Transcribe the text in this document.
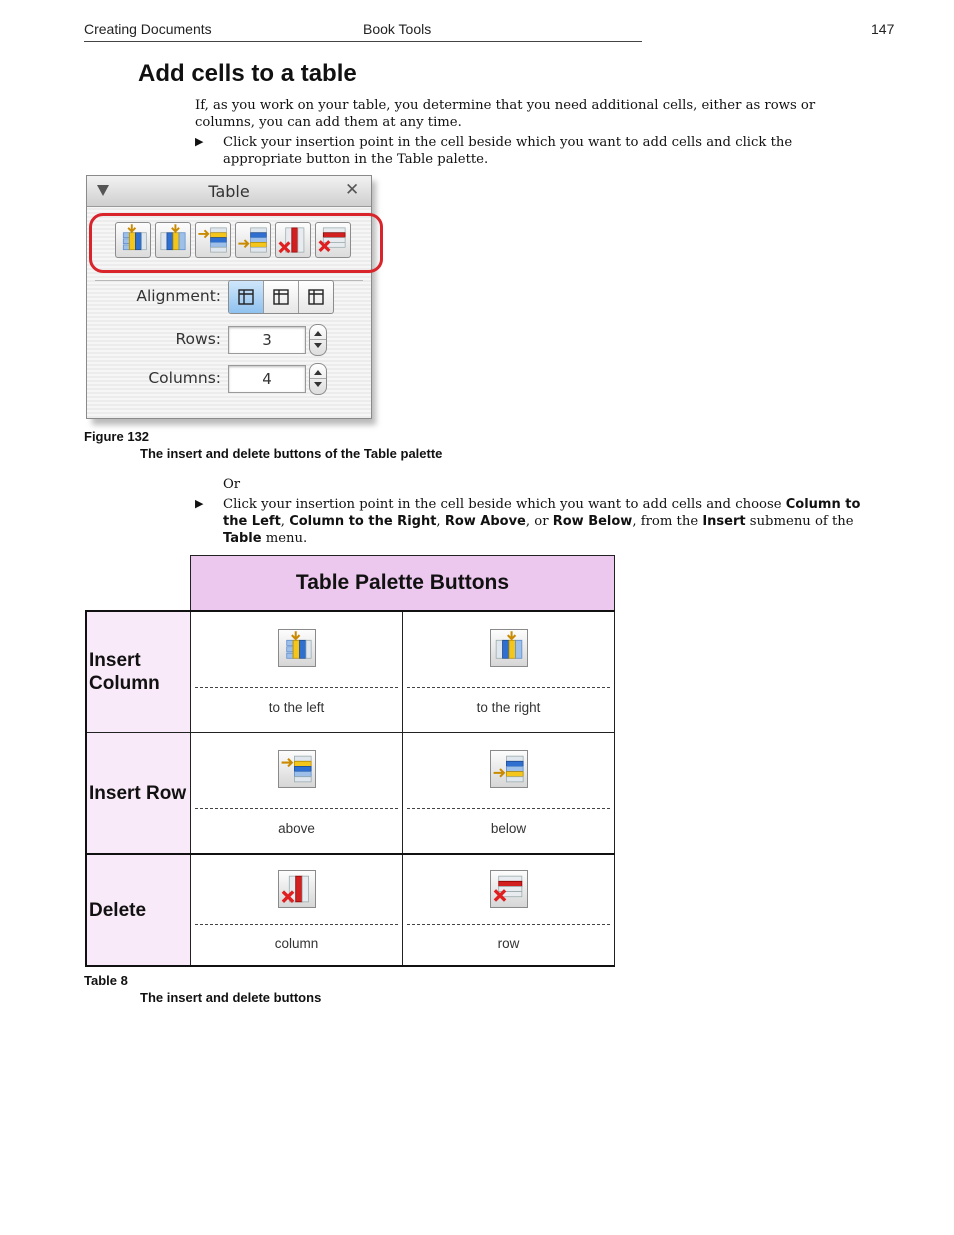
Creating Documents	Book Tools	147
Add cells to a table
If, as you work on your table, you determine that you need additional cells, either as rows or columns, you can add them at any time.
▶ Click your insertion point in the cell beside which you want to add cells and click the appropriate button in the Table palette.
Table	✕
Alignment:
Rows:	3
Columns:	4
Figure 132
The insert and delete buttons of the Table palette
Or
▶ Click your insertion point in the cell beside which you want to add cells and choose Column to the Left, Column to the Right, Row Above, or Row Below, from the Insert submenu of the Table menu.
	Table Palette Buttons	
Insert Column	to the left	to the right

Insert Row	above	below

Delete	column	row
Table 8
The insert and delete buttons
